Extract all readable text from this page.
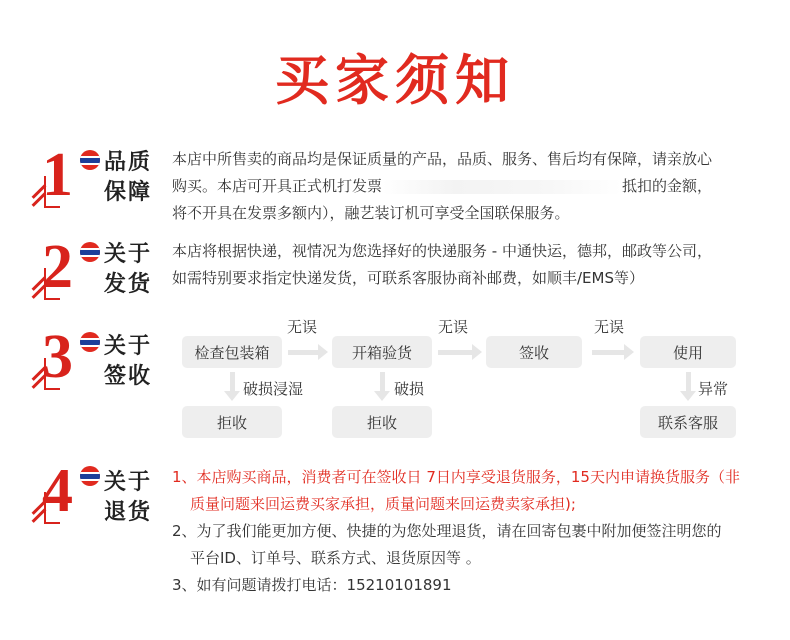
买家须知
1 品质
保障

本店中所售卖的商品均是保证质量的产品，品质、服务、售后均有保障，请亲放心

购买。本店可开具正式机打发票	抵扣的金额，

将不开具在发票多额内），融艺装订机可享受全国联保服务。

2 关于
发货

本店将根据快递，视情况为您选择好的快递服务 - 中通快运，德邦，邮政等公司，

如需特别要求指定快递发货，可联系客服协商补邮费，如顺丰/EMS等）

3 关于
签收
检查包装箱	开箱验货	签收	使用
无误	无误	无误
破损浸湿	破损	异常
拒收	拒收	联系客服
4 关于
退货

1、本店购买商品，消费者可在签收日 7日内享受退货服务，15天内申请换货服务（非

质量问题来回运费买家承担，质量问题来回运费卖家承担);

2、为了我们能更加方便、快捷的为您处理退货，请在回寄包裹中附加便签注明您的

平台ID、订单号、联系方式、退货原因等 。

3、如有问题请拨打电话：15210101891
